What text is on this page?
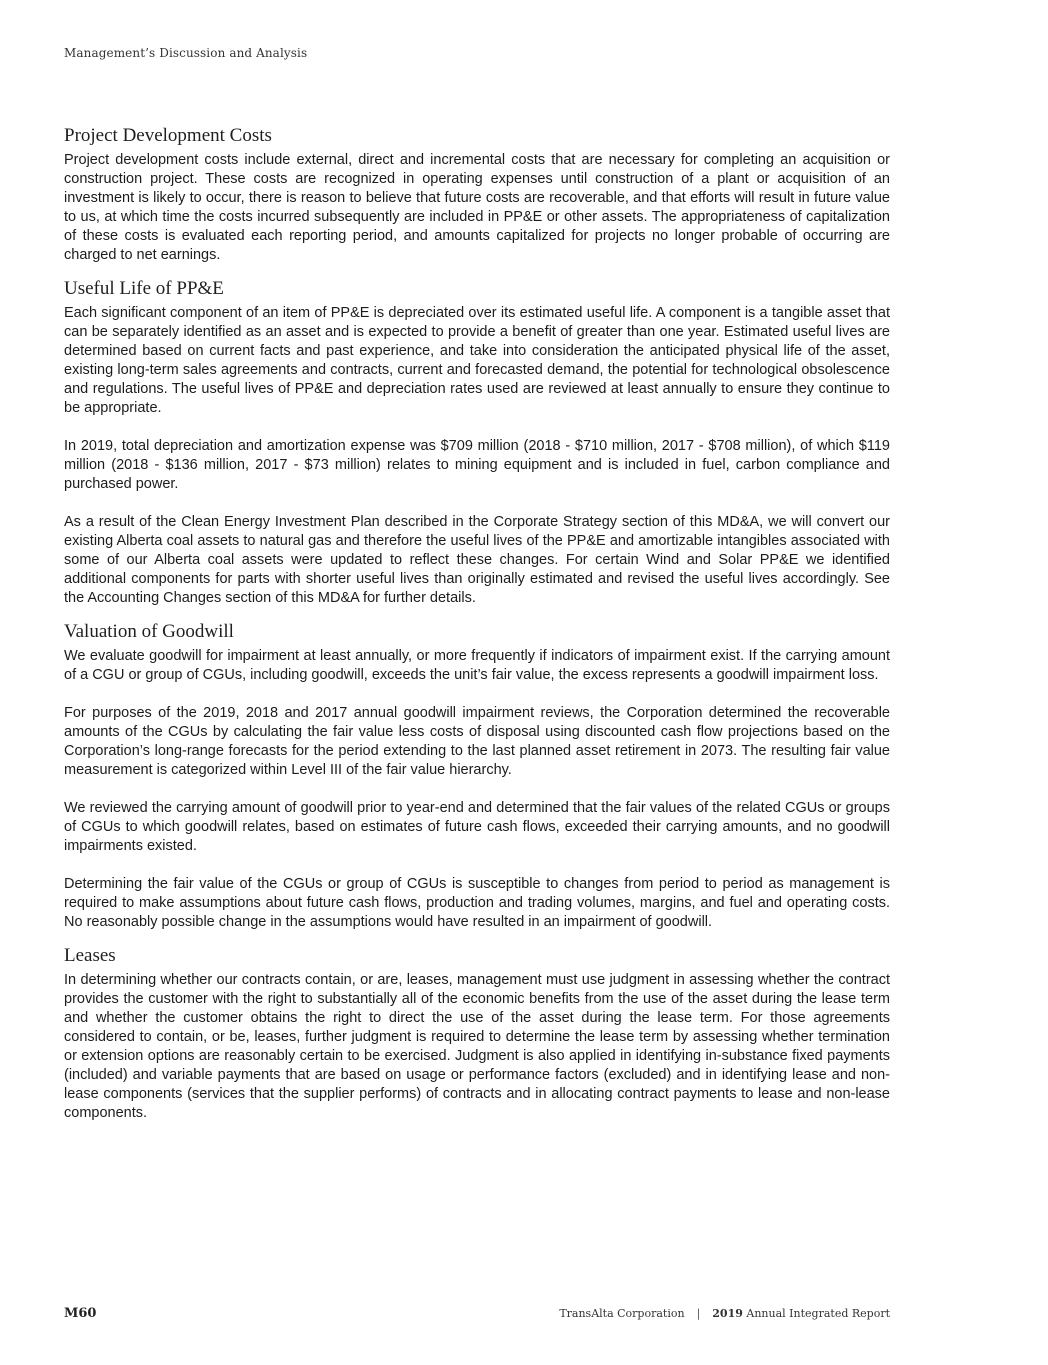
Management’s Discussion and Analysis
Project Development Costs

Project development costs include external, direct and incremental costs that are necessary for completing an acquisition or construction project. These costs are recognized in operating expenses until construction of a plant or acquisition of an investment is likely to occur, there is reason to believe that future costs are recoverable, and that efforts will result in future value to us, at which time the costs incurred subsequently are included in PP&E or other assets. The appropriateness of capitalization of these costs is evaluated each reporting period, and amounts capitalized for projects no longer probable of occurring are charged to net earnings.

Useful Life of PP&E

Each significant component of an item of PP&E is depreciated over its estimated useful life. A component is a tangible asset that can be separately identified as an asset and is expected to provide a benefit of greater than one year. Estimated useful lives are determined based on current facts and past experience, and take into consideration the anticipated physical life of the asset, existing long-term sales agreements and contracts, current and forecasted demand, the potential for technological obsolescence and regulations. The useful lives of PP&E and depreciation rates used are reviewed at least annually to ensure they continue to be appropriate.

In 2019, total depreciation and amortization expense was $709 million (2018 - $710 million, 2017 - $708 million), of which $119 million (2018 - $136 million, 2017 - $73 million) relates to mining equipment and is included in fuel, carbon compliance and purchased power.

As a result of the Clean Energy Investment Plan described in the Corporate Strategy section of this MD&A, we will convert our existing Alberta coal assets to natural gas and therefore the useful lives of the PP&E and amortizable intangibles associated with some of our Alberta coal assets were updated to reflect these changes. For certain Wind and Solar PP&E we identified additional components for parts with shorter useful lives than originally estimated and revised the useful lives accordingly. See the Accounting Changes section of this MD&A for further details.

Valuation of Goodwill

We evaluate goodwill for impairment at least annually, or more frequently if indicators of impairment exist. If the carrying amount of a CGU or group of CGUs, including goodwill, exceeds the unit’s fair value, the excess represents a goodwill impairment loss.

For purposes of the 2019, 2018 and 2017 annual goodwill impairment reviews, the Corporation determined the recoverable amounts of the CGUs by calculating the fair value less costs of disposal using discounted cash flow projections based on the Corporation’s long-range forecasts for the period extending to the last planned asset retirement in 2073. The resulting fair value measurement is categorized within Level III of the fair value hierarchy.

We reviewed the carrying amount of goodwill prior to year-end and determined that the fair values of the related CGUs or groups of CGUs to which goodwill relates, based on estimates of future cash flows, exceeded their carrying amounts, and no goodwill impairments existed.

Determining the fair value of the CGUs or group of CGUs is susceptible to changes from period to period as management is required to make assumptions about future cash flows, production and trading volumes, margins, and fuel and operating costs. No reasonably possible change in the assumptions would have resulted in an impairment of goodwill.

Leases

In determining whether our contracts contain, or are, leases, management must use judgment in assessing whether the contract provides the customer with the right to substantially all of the economic benefits from the use of the asset during the lease term and whether the customer obtains the right to direct the use of the asset during the lease term. For those agreements considered to contain, or be, leases, further judgment is required to determine the lease term by assessing whether termination or extension options are reasonably certain to be exercised. Judgment is also applied in identifying in-substance fixed payments (included) and variable payments that are based on usage or performance factors (excluded) and in identifying lease and non-lease components (services that the supplier performs) of contracts and in allocating contract payments to lease and non-lease components.

M60	TransAlta Corporation | 2019 Annual Integrated Report
